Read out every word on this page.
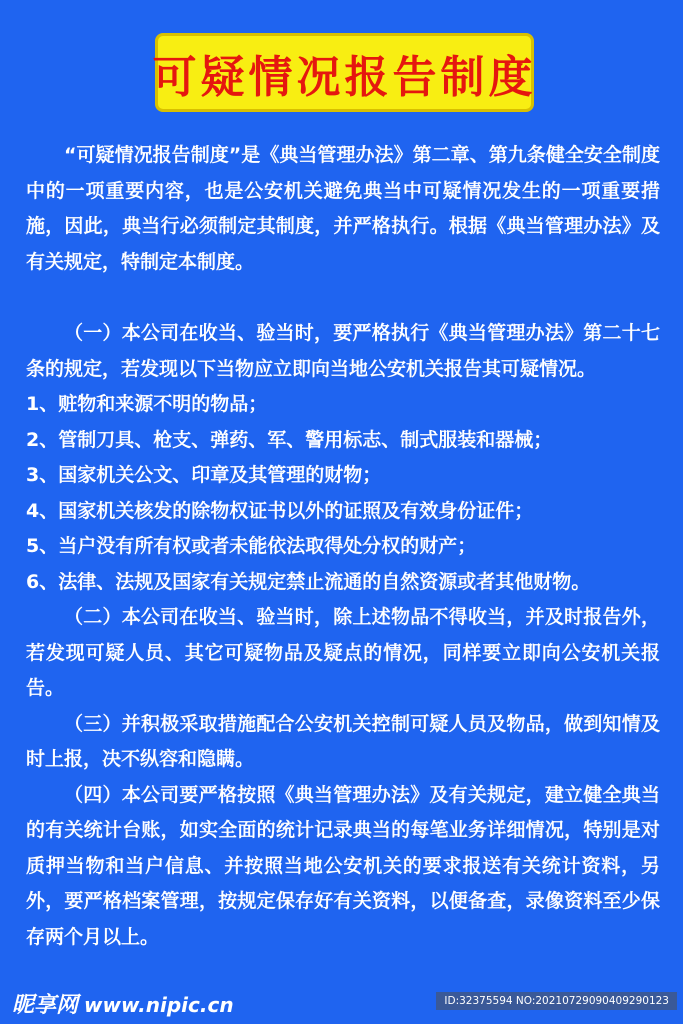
可疑情况报告制度

“可疑情况报告制度”是《典当管理办法》第二章、第九条健全安全制度中的一项重要内容，也是公安机关避免典当中可疑情况发生的一项重要措施，因此，典当行必须制定其制度，并严格执行。根据《典当管理办法》及有关规定，特制定本制度。

（一）本公司在收当、验当时，要严格执行《典当管理办法》第二十七条的规定，若发现以下当物应立即向当地公安机关报告其可疑情况。

1、赃物和来源不明的物品；
2、管制刀具、枪支、弹药、军、警用标志、制式服装和器械；
3、国家机关公文、印章及其管理的财物；
4、国家机关核发的除物权证书以外的证照及有效身份证件；
5、当户没有所有权或者未能依法取得处分权的财产；
6、法律、法规及国家有关规定禁止流通的自然资源或者其他财物。

（二）本公司在收当、验当时，除上述物品不得收当，并及时报告外，若发现可疑人员、其它可疑物品及疑点的情况，同样要立即向公安机关报告。

（三）并积极采取措施配合公安机关控制可疑人员及物品，做到知情及时上报，决不纵容和隐瞒。

（四）本公司要严格按照《典当管理办法》及有关规定，建立健全典当的有关统计台账，如实全面的统计记录典当的每笔业务详细情况，特别是对质押当物和当户信息、并按照当地公安机关的要求报送有关统计资料，另外，要严格档案管理，按规定保存好有关资料，以便备查，录像资料至少保存两个月以上。

昵享网 www.nipic.cn	ID:32375594 NO:20210729090409290123
